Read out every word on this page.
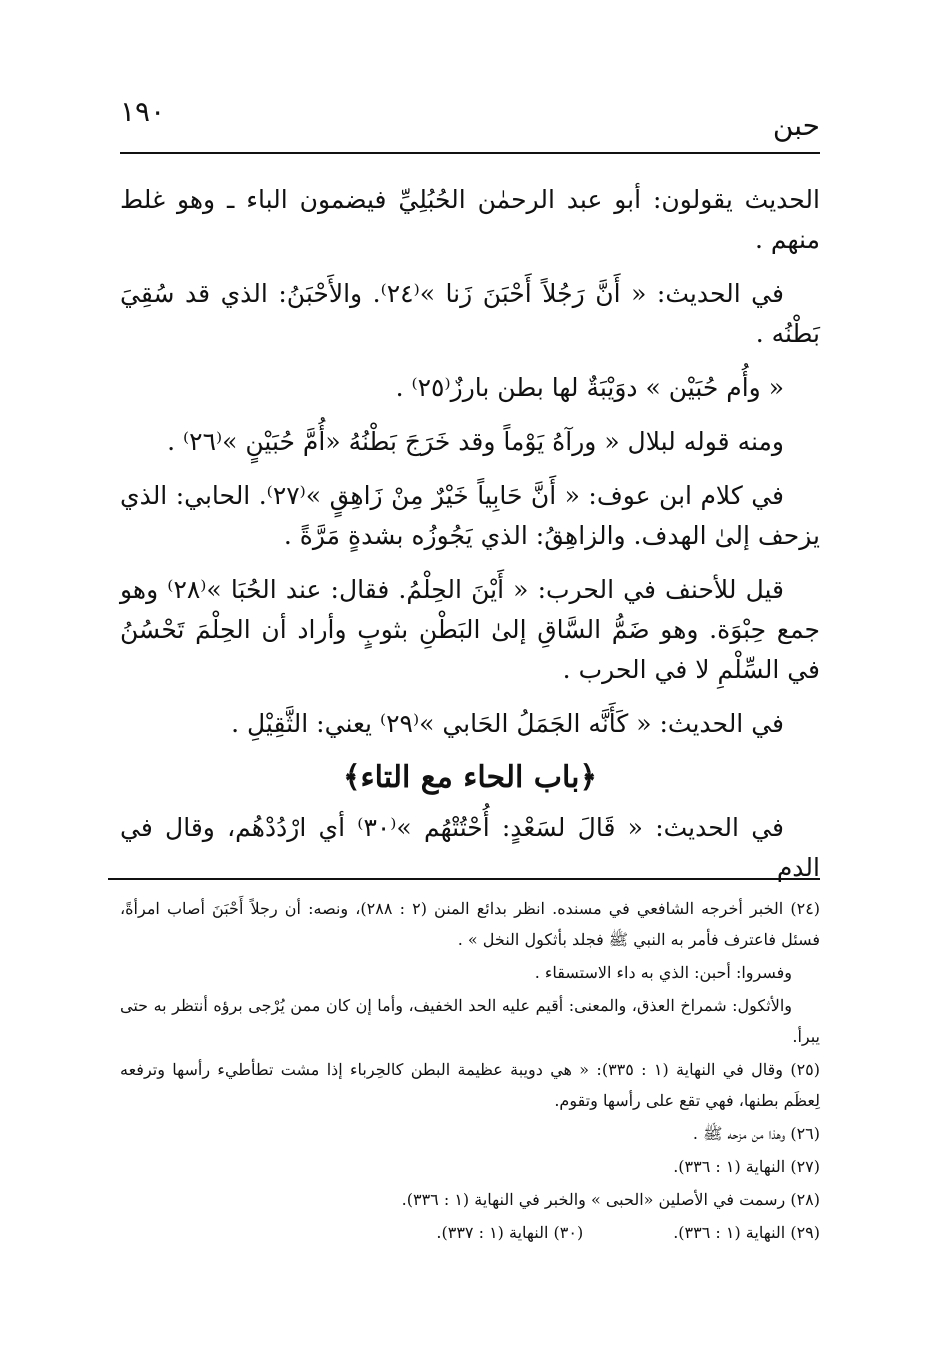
١٩٠	حبن

الحديث يقولون: أبو عبد الرحمٰن الحُبُلِيِّ فيضمون الباء ـ وهو غلط منهم .

في الحديث: « أَنَّ رَجُلاً أَحْبَنَ زَنا »⁽٢٤⁾. والأَحْبَنُ: الذي قد سُقِيَ بَطْنُه .

« وأُم حُبَيْن » دوَيْبَةٌ لها بطن بارزٌ⁽٢٥⁾ .

ومنه قوله لبلال « ورآهُ يَوْماً وقد خَرَجَ بَطْنُهُ «أُمَّ حُبَيْنٍ »⁽٢٦⁾ .

في كلام ابن عوف: « أَنَّ حَابِياً خَيْرٌ مِنْ زَاهِقٍ »⁽٢٧⁾. الحابي: الذي يزحف إلىٰ الهدف. والزاهِقُ: الذي يَجُوزُه بشدةٍ مَرَّةً .

قيل للأحنف في الحرب: « أَيْنَ الحِلْمُ. فقال: عند الحُبَا »⁽٢٨⁾ وهو جمع حِبْوَة. وهو ضَمُّ السَّاقِ إلىٰ البَطْنِ بثوبٍ وأراد أن الحِلْمَ تَحْسُنُ في السِّلْمِ لا في الحرب .

في الحديث: « كَأَنَّه الجَمَلُ الحَابي »⁽٢٩⁾ يعني: الثَّقِيْلِ .

﴿باب الحاء مع التاء﴾

في الحديث: « قَالَ لسَعْدٍ: أُحْتُتْهُم »⁽٣٠⁾ أي ارْدُدْهُم، وقال في الدم

(٢٤) الخبر أخرجه الشافعي في مسنده. انظر بدائع المنن (٢ : ٢٨٨)، ونصه: أن رجلاً أَحْبَنَ أصاب امرأةً، فسئل فاعترف فأمر به النبي ﷺ فجلد بأثكول النخل » .

وفسروا: أحبن: الذي به داء الاستسقاء .

والأثكول: شمراخ العذق، والمعنى: أقيم عليه الحد الخفيف، وأما إن كان ممن يُرْجى برؤه أنتظر به حتى يبرأ.

(٢٥) وقال في النهاية (١ : ٣٣٥): « هي دويبة عظيمة البطن كالحِرباء إذا مشت تطأطيء رأسها وترفعه لِعظَم بطنها، فهي تقع على رأسها وتقوم.

(٢٦) وهذا من مزحه ﷺ .

(٢٧) النهاية (١ : ٣٣٦).

(٢٨) رسمت في الأصلين «الحبى » والخبر في النهاية (١ : ٣٣٦).

(٢٩) النهاية (١ : ٣٣٦).
(٣٠) النهاية (١ : ٣٣٧).
